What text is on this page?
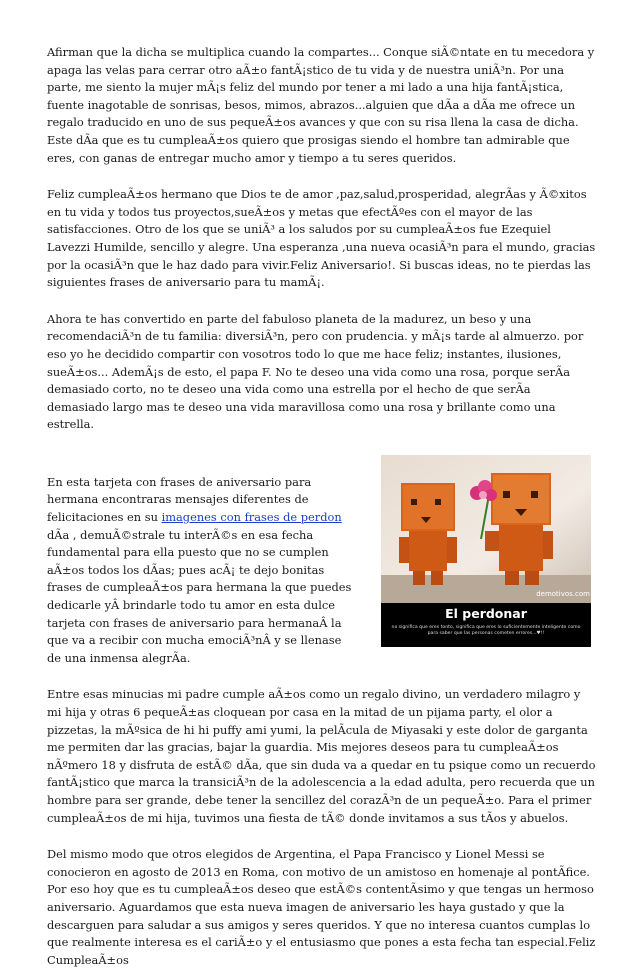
Afirman que la dicha se multiplica cuando la compartes... Conque siÃ©ntate en tu mecedora y apaga las velas para cerrar otro aÃ±o fantÃ¡stico de tu vida y de nuestra uniÃ³n. Por una parte, me siento la mujer mÃ¡s feliz del mundo por tener a mi lado a una hija fantÃ¡stica, fuente inagotable de sonrisas, besos, mimos, abrazos...alguien que dÃa a dÃa me ofrece un regalo traducido en uno de sus pequeÃ±os avances y que con su risa llena la casa de dicha. Este dÃa que es tu cumpleaÃ±os quiero que prosigas siendo el hombre tan admirable que eres, con ganas de entregar mucho amor y tiempo a tu seres queridos.

Feliz cumpleaÃ±os hermano que Dios te de amor ,paz,salud,prosperidad, alegrÃas y Ã©xitos en tu vida y todos tus proyectos,sueÃ±os y metas que efectÃºes con el mayor de las satisfacciones. Otro de los que se uniÃ³ a los saludos por su cumpleaÃ±os fue Ezequiel Lavezzi Humilde, sencillo y alegre. Una esperanza ,una nueva ocasiÃ³n para el mundo, gracias por la ocasiÃ³n que le haz dado para vivir.Feliz Aniversario!. Si buscas ideas, no te pierdas las siguientes frases de aniversario para tu mamÃ¡.

Ahora te has convertido en parte del fabuloso planeta de la madurez, un beso y una recomendaciÃ³n de tu familia: diversiÃ³n, pero con prudencia. y mÃ¡s tarde al almuerzo. por eso yo he decidido compartir con vosotros todo lo que me hace feliz; instantes, ilusiones, sueÃ±os... AdemÃ¡s de esto, el papa F. No te deseo una vida como una rosa, porque serÃa demasiado corto, no te deseo una vida como una estrella por el hecho de que serÃa demasiado largo mas te deseo una vida maravillosa como una rosa y brillante como una estrella.

En esta tarjeta con frases de aniversario para hermana encontraras mensajes diferentes de felicitaciones en su imagenes con frases de perdon dÃa , demuÃ©strale tu interÃ©s en esa fecha fundamental para ella puesto que no se cumplen aÃ±os todos los dÃas; pues acÃ¡ te dejo bonitas frases de cumpleaÃ±os para hermana la que puedes dedicarle yÂ brindarle todo tu amor en esta dulce tarjeta con frases de aniversario para hermanaÂ la que va a recibir con mucha emociÃ³nÂ y se llenase de una inmensa alegrÃa.

demotivos.com
El perdonar
no significa que eres tonto, significa que eres lo suficientemente inteligente como para saber que las personas cometen errores...♥!!

Entre esas minucias mi padre cumple aÃ±os como un regalo divino, un verdadero milagro y mi hija y otras 6 pequeÃ±as cloquean por casa en la mitad de un pijama party, el olor a pizzetas, la mÃºsica de hi hi puffy ami yumi, la pelÃcula de Miyasaki y este dolor de garganta me permiten dar las gracias, bajar la guardia. Mis mejores deseos para tu cumpleaÃ±os nÃºmero 18 y disfruta de estÃ© dÃa, que sin duda va a quedar en tu psique como un recuerdo fantÃ¡stico que marca la transiciÃ³n de la adolescencia a la edad adulta, pero recuerda que un hombre para ser grande, debe tener la sencillez del corazÃ³n de un pequeÃ±o. Para el primer cumpleaÃ±os de mi hija, tuvimos una fiesta de tÃ© donde invitamos a sus tÃos y abuelos.

Del mismo modo que otros elegidos de Argentina, el Papa Francisco y Lionel Messi se conocieron en agosto de 2013 en Roma, con motivo de un amistoso en homenaje al pontÃfice. Por eso hoy que es tu cumpleaÃ±os deseo que estÃ©s contentÃsimo y que tengas un hermoso aniversario. Aguardamos que esta nueva imagen de aniversario les haya gustado y que la descarguen para saludar a sus amigos y seres queridos. Y que no interesa cuantos cumplas lo que realmente interesa es el cariÃ±o y el entusiasmo que pones a esta fecha tan especial.Feliz CumpleaÃ±os
